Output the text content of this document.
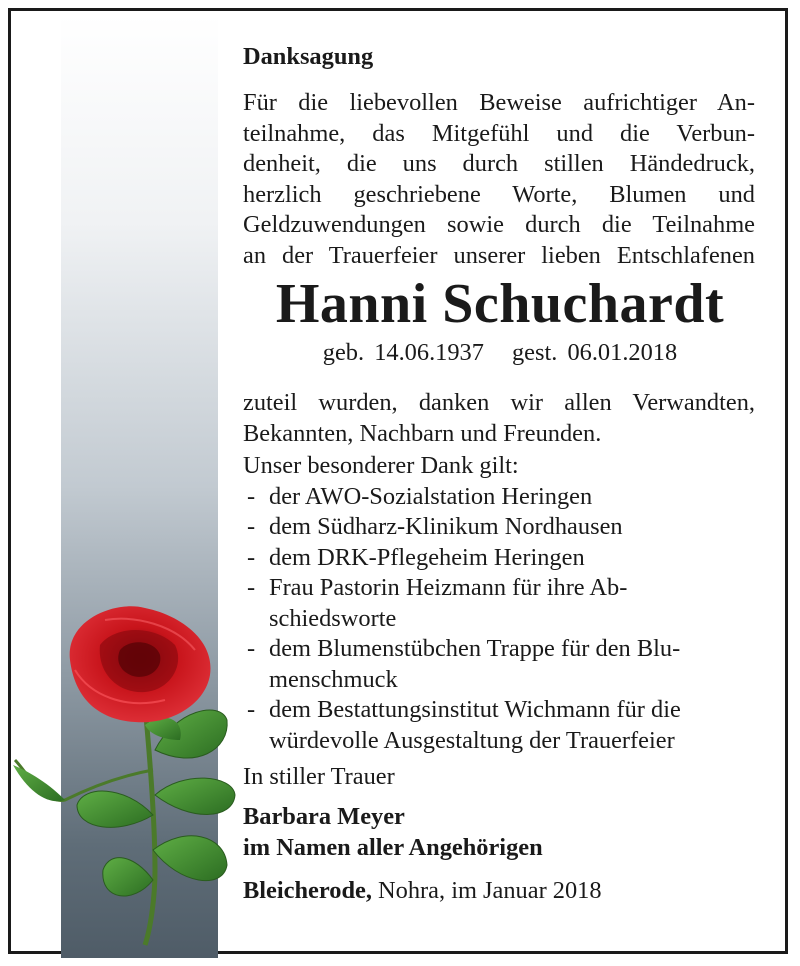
Danksagung
Für die liebevollen Beweise aufrichtiger An-
teilnahme, das Mitgefühl und die Verbun-
denheit, die uns durch stillen Händedruck,
herzlich geschriebene Worte, Blumen und
Geldzuwendungen sowie durch die Teilnahme
an der Trauerfeier unserer lieben Entschlafenen
Hanni Schuchardt
geb. 14.06.1937 gest. 06.01.2018
zuteil wurden, danken wir allen Verwandten,
Bekannten, Nachbarn und Freunden.
Unser besonderer Dank gilt:
- der AWO-Sozialstation Heringen
- dem Südharz-Klinikum Nordhausen
- dem DRK-Pflegeheim Heringen
- Frau Pastorin Heizmann für ihre Ab-
schiedsworte
- dem Blumenstübchen Trappe für den Blu-
menschmuck
- dem Bestattungsinstitut Wichmann für die
würdevolle Ausgestaltung der Trauerfeier
In stiller Trauer
Barbara Meyer
im Namen aller Angehörigen
Bleicherode, Nohra, im Januar 2018
